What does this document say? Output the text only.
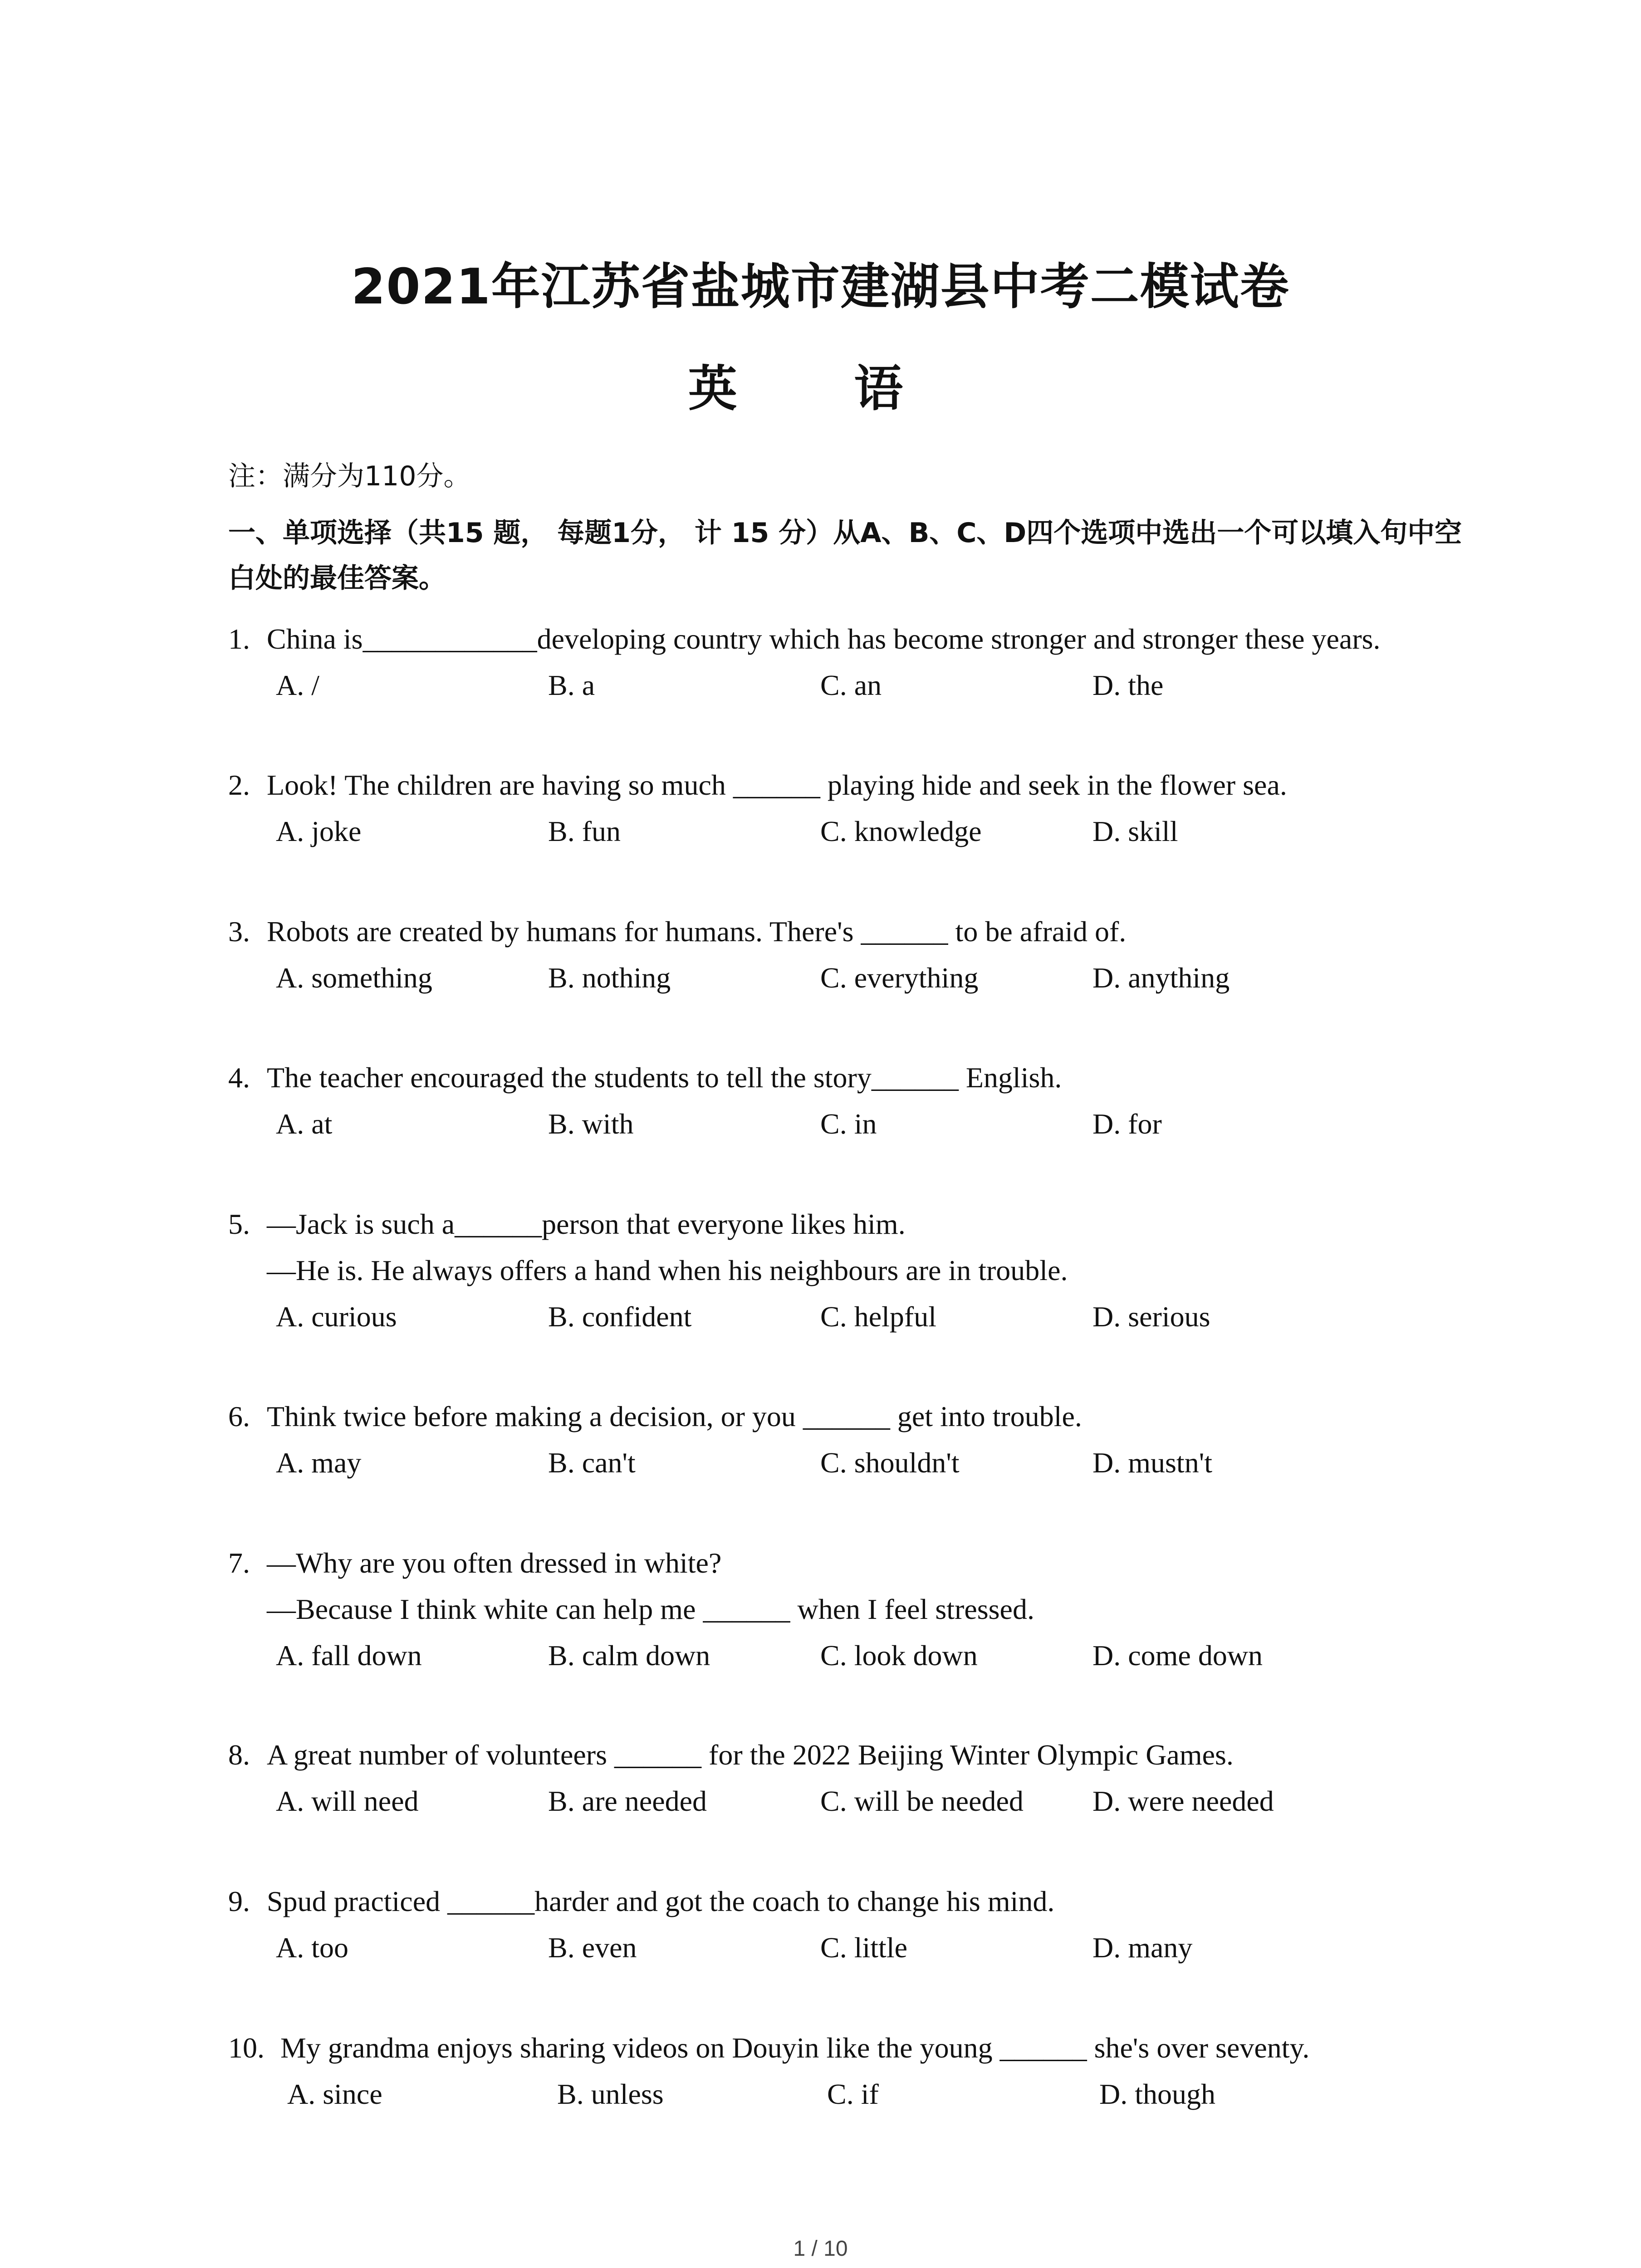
2021年江苏省盐城市建湖县中考二模试卷
英 语
注：满分为110分。
一、单项选择（共15 题， 每题1分， 计 15 分）从A、B、C、D四个选项中选出一个可以填入句中空白处的最佳答案。
1. China is____________developing country which has become stronger and stronger these years.
A. /	B. a	C. an	D. the
2. Look! The children are having so much ______ playing hide and seek in the flower sea.
A. joke	B. fun	C. knowledge	D. skill
3. Robots are created by humans for humans. There's ______ to be afraid of.
A. something	B. nothing	C. everything	D. anything
4. The teacher encouraged the students to tell the story______ English.
A. at	B. with	C. in	D. for
5. —Jack is such a______person that everyone likes him.
—He is. He always offers a hand when his neighbours are in trouble.
A. curious	B. confident	C. helpful	D. serious
6. Think twice before making a decision, or you ______ get into trouble.
A. may	B. can't	C. shouldn't	D. mustn't
7. —Why are you often dressed in white?
—Because I think white can help me ______ when I feel stressed.
A. fall down	B. calm down	C. look down	D. come down
8. A great number of volunteers ______ for the 2022 Beijing Winter Olympic Games.
A. will need	B. are needed	C. will be needed D. were needed
9. Spud practiced ______harder and got the coach to change his mind.
A. too	B. even	C. little	D. many
10. My grandma enjoys sharing videos on Douyin like the young ______ she's over seventy.
A. since	B. unless	C. if	D. though
1 / 10
